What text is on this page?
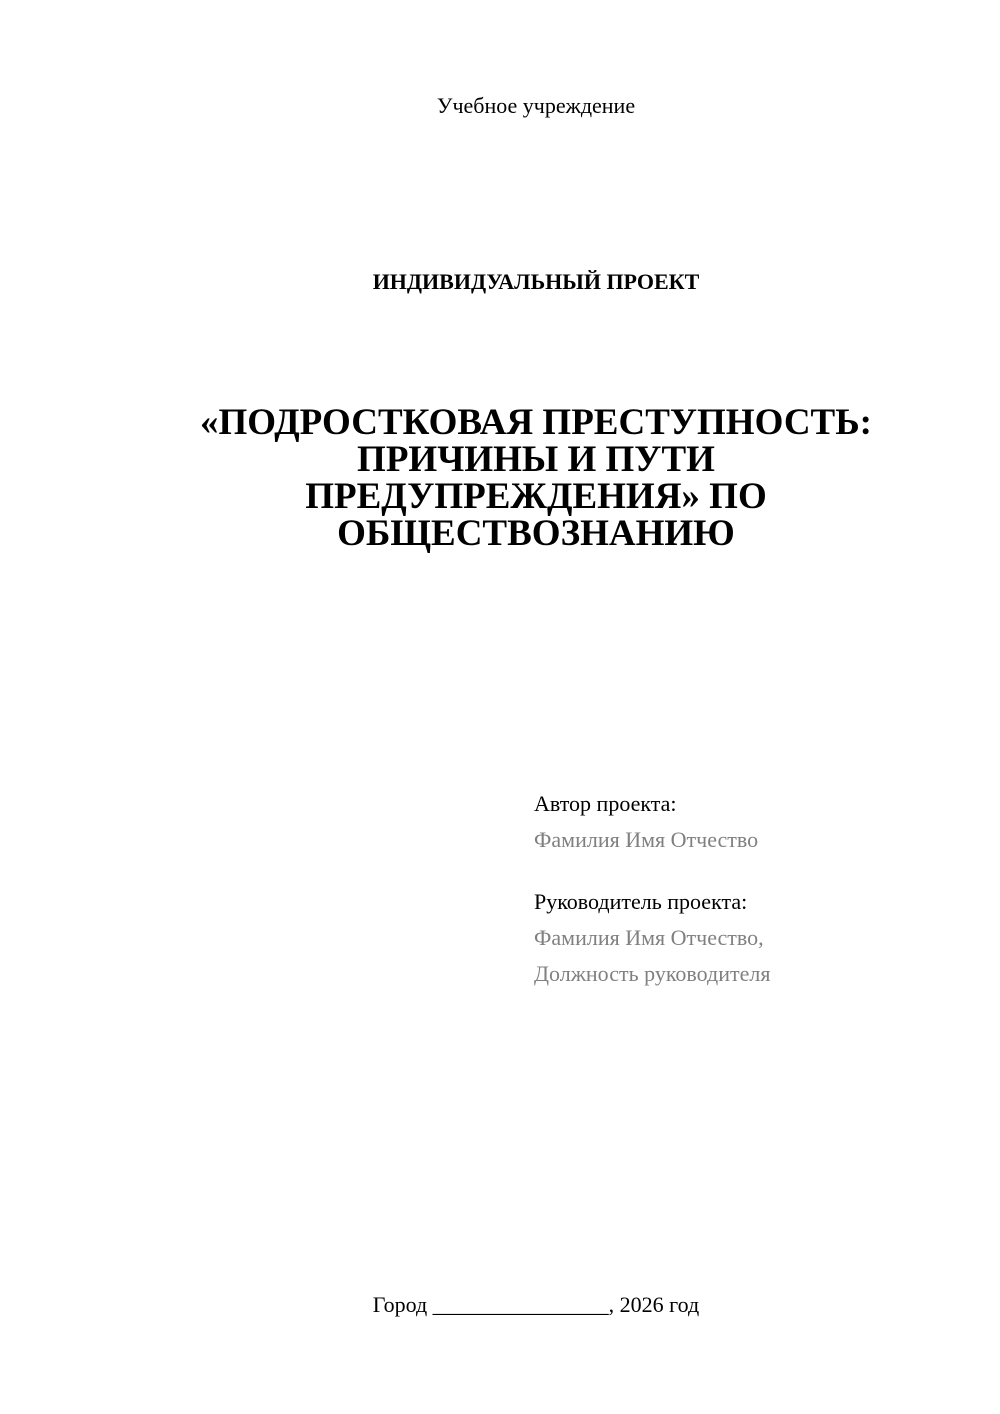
Учебное учреждение
ИНДИВИДУАЛЬНЫЙ ПРОЕКТ
«ПОДРОСТКОВАЯ ПРЕСТУПНОСТЬ:
ПРИЧИНЫ И ПУТИ
ПРЕДУПРЕЖДЕНИЯ» ПО
ОБЩЕСТВОЗНАНИЮ
Автор проекта:
Фамилия Имя Отчество
Руководитель проекта:
Фамилия Имя Отчество,
Должность руководителя
Город ________________, 2026 год
